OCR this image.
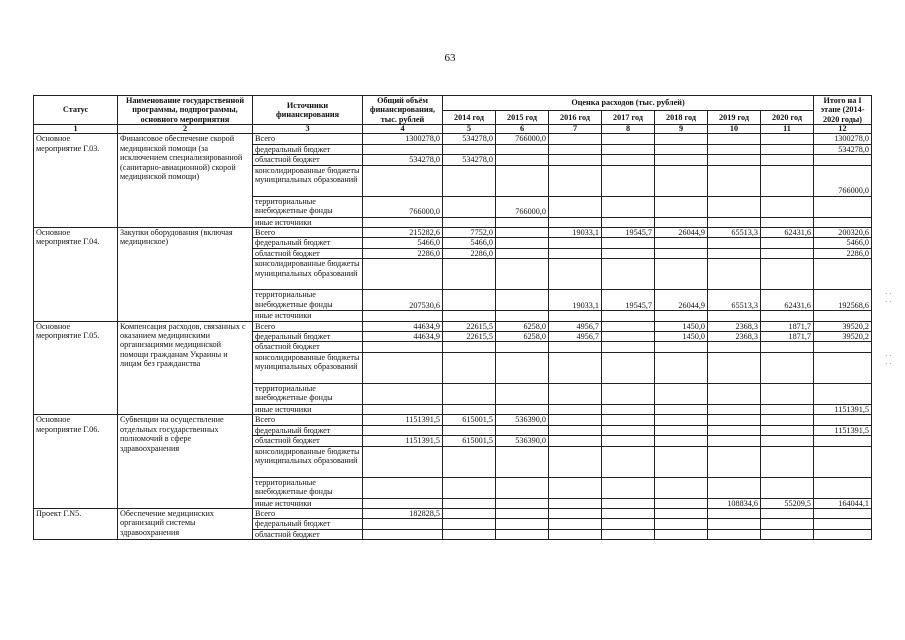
63
Статус	Наименование государственной программы, подпрограммы, основного мероприятия	Источники финансирования	Общий объём финансирования, тыс. рублей	Оценка расходов (тыс. рублей)							Итого на I этапе (2014-2020 годы)
				2014 год	2015 год	2016 год	2017 год	2018 год	2019 год	2020 год	
1	2	3	4	5	6	7	8	9	10	11	12
Основное мероприятие Г.03.	Финансовое обеспечение скорой медицинской помощи (за исключением специализированной (санитарно-авиационной) скорой медицинской помощи)	Всего	1300278,0	534278,0	766000,0						1300278,0
		федеральный бюджет									534278,0
		областной бюджет	534278,0	534278,0							
		консолидированные бюджеты муниципальных образований									766000,0
		территориальные внебюджетные фонды	766000,0		766000,0						
		иные источники									
Основное мероприятие Г.04.	Закупки оборудования (включая медицинское)	Всего	215282,6	7752,0		19033,1	19545,7	26044,9	65513,3	62431,6	200320,6
		федеральный бюджет	5466,0	5466,0							5466,0
		областной бюджет	2286,0	2286,0							2286,0
		консолидированные бюджеты муниципальных образований									
		территориальные внебюджетные фонды	207530,6			19033,1	19545,7	26044,9	65513,3	62431,6	192568,6
		иные источники									
Основное мероприятие Г.05.	Компенсация расходов, связанных с оказанием медицинскими организациями медицинской помощи гражданам Украины и лицам без гражданства	Всего	44634,9	22615,5	6258,0	4956,7		1450,0	2368,3	1871,7	39520,2
		федеральный бюджет	44634,9	22615,5	6258,0	4956,7		1450,0	2368,3	1871,7	39520,2
		областной бюджет									
		консолидированные бюджеты муниципальных образований									
		территориальные внебюджетные фонды									
		иные источники									1151391,5
Основное мероприятие Г.06.	Субвенции на осуществление отдельных государственных полномочий в сфере здравоохранения	Всего	1151391,5	615001,5	536390,0						
		федеральный бюджет									1151391,5
		областной бюджет	1151391,5	615001,5	536390,0						
		консолидированные бюджеты муниципальных образований									
		территориальные внебюджетные фонды									
		иные источники							108834,6	55209,5	164044,1
Проект Г.N5.	Обеспечение медицинских организаций системы здравоохранения	Всего	182828,5								
		федеральный бюджет									
		областной бюджет									
· ·
· ·
· ·
· ·
